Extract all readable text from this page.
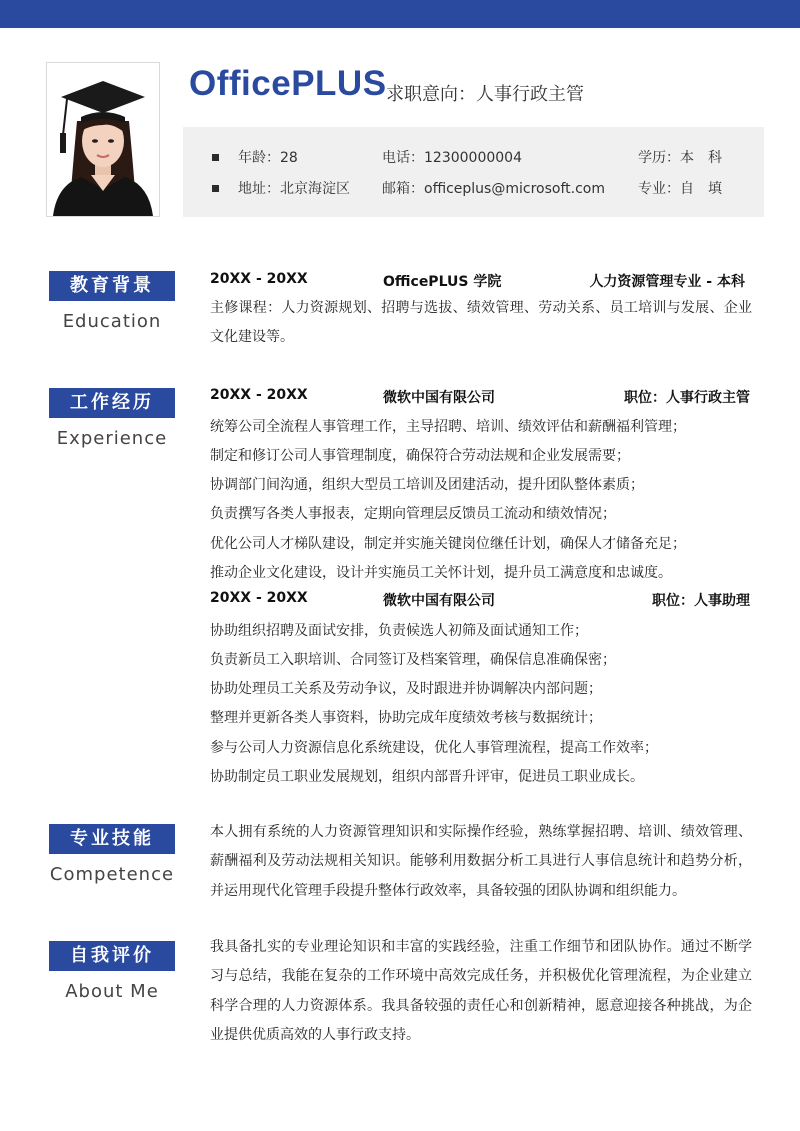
OfficePLUS 求职意向：人事行政主管
年龄：28	电话：12300000004	学历：本　科
地址：北京海淀区 邮箱：officeplus@microsoft.com 专业：自　填
教育背景
Education
20XX - 20XX	OfficePLUS 学院	人力资源管理专业 - 本科
主修课程：人力资源规划、招聘与选拔、绩效管理、劳动关系、员工培训与发展、企业文化建设等。
工作经历
Experience
20XX - 20XX	微软中国有限公司	职位：人事行政主管
统筹公司全流程人事管理工作，主导招聘、培训、绩效评估和薪酬福利管理；
制定和修订公司人事管理制度，确保符合劳动法规和企业发展需要；
协调部门间沟通，组织大型员工培训及团建活动，提升团队整体素质；
负责撰写各类人事报表，定期向管理层反馈员工流动和绩效情况；
优化公司人才梯队建设，制定并实施关键岗位继任计划，确保人才储备充足；
推动企业文化建设，设计并实施员工关怀计划，提升员工满意度和忠诚度。
20XX - 20XX	微软中国有限公司	职位：人事助理
协助组织招聘及面试安排，负责候选人初筛及面试通知工作；
负责新员工入职培训、合同签订及档案管理，确保信息准确保密；
协助处理员工关系及劳动争议，及时跟进并协调解决内部问题；
整理并更新各类人事资料，协助完成年度绩效考核与数据统计；
参与公司人力资源信息化系统建设，优化人事管理流程，提高工作效率；
协助制定员工职业发展规划，组织内部晋升评审，促进员工职业成长。
专业技能
Competence
本人拥有系统的人力资源管理知识和实际操作经验，熟练掌握招聘、培训、绩效管理、薪酬福利及劳动法规相关知识。能够利用数据分析工具进行人事信息统计和趋势分析，并运用现代化管理手段提升整体行政效率，具备较强的团队协调和组织能力。
自我评价
About Me
我具备扎实的专业理论知识和丰富的实践经验，注重工作细节和团队协作。通过不断学习与总结，我能在复杂的工作环境中高效完成任务，并积极优化管理流程，为企业建立科学合理的人力资源体系。我具备较强的责任心和创新精神，愿意迎接各种挑战，为企业提供优质高效的人事行政支持。
